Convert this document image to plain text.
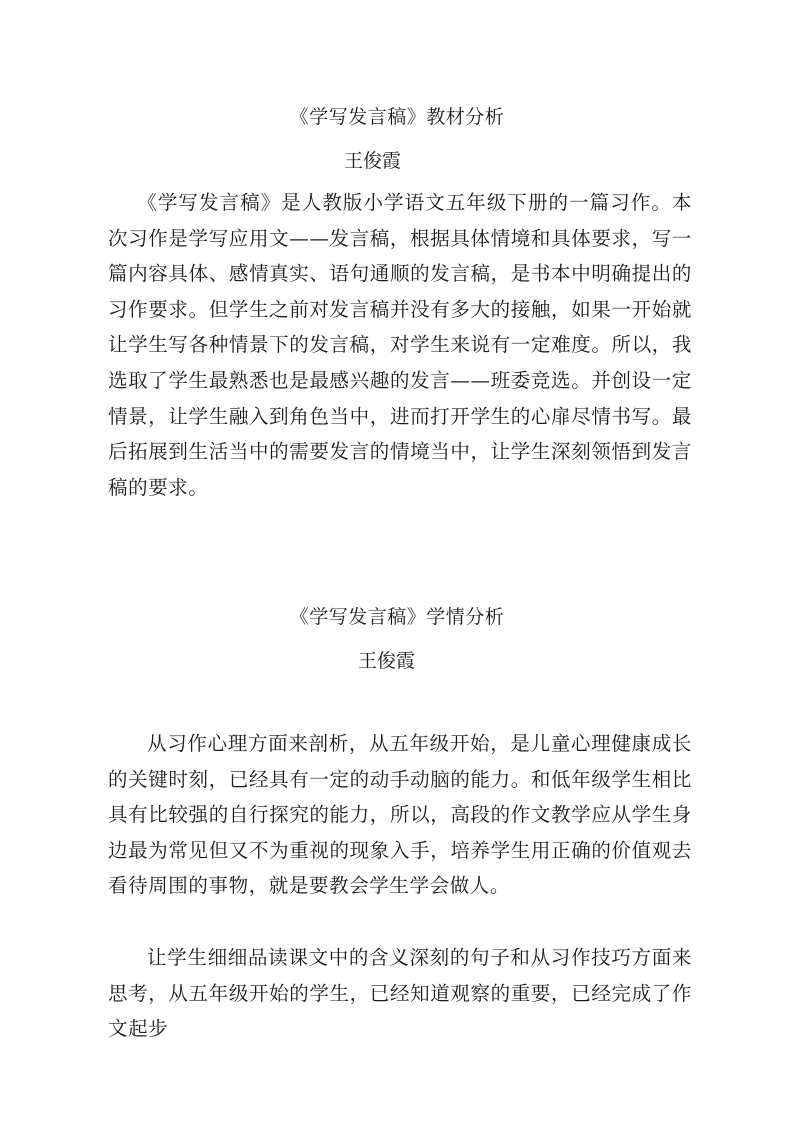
《学写发言稿》教材分析
王俊霞

《学写发言稿》是人教版小学语文五年级下册的一篇习作。本次习作是学写应用文——发言稿，根据具体情境和具体要求，写一篇内容具体、感情真实、语句通顺的发言稿，是书本中明确提出的习作要求。但学生之前对发言稿并没有多大的接触，如果一开始就让学生写各种情景下的发言稿，对学生来说有一定难度。所以，我选取了学生最熟悉也是最感兴趣的发言——班委竞选。并创设一定情景，让学生融入到角色当中，进而打开学生的心扉尽情书写。最后拓展到生活当中的需要发言的情境当中，让学生深刻领悟到发言稿的要求。

《学写发言稿》学情分析
王俊霞

从习作心理方面来剖析，从五年级开始，是儿童心理健康成长的关键时刻，已经具有一定的动手动脑的能力。和低年级学生相比具有比较强的自行探究的能力，所以，高段的作文教学应从学生身边最为常见但又不为重视的现象入手，培养学生用正确的价值观去看待周围的事物，就是要教会学生学会做人。

让学生细细品读课文中的含义深刻的句子和从习作技巧方面来思考，从五年级开始的学生，已经知道观察的重要，已经完成了作文起步
